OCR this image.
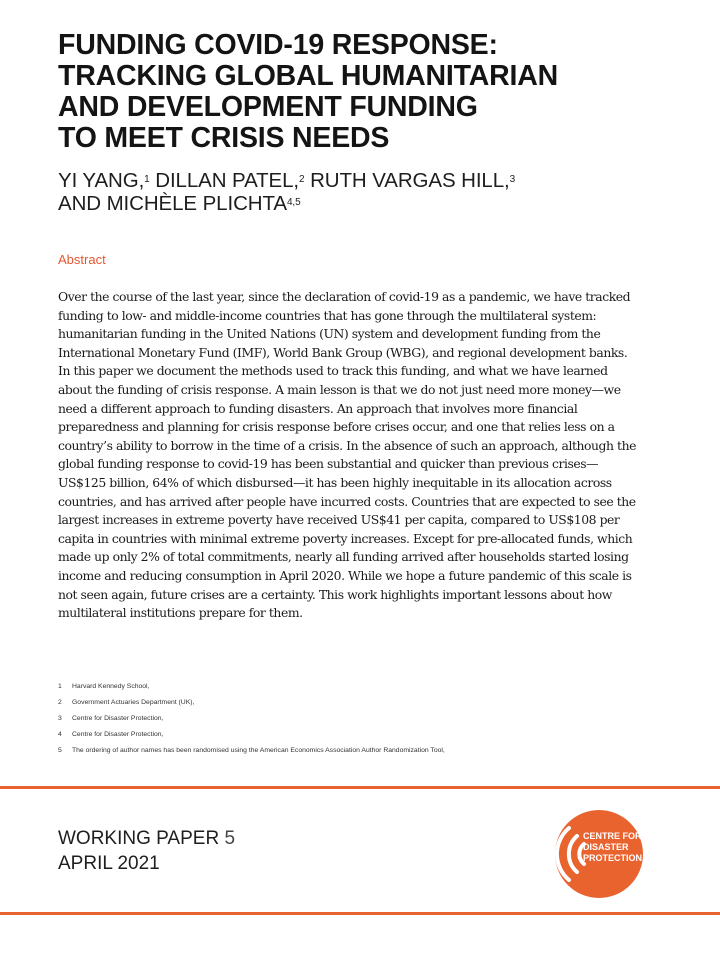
FUNDING COVID-19 RESPONSE:
TRACKING GLOBAL HUMANITARIAN
AND DEVELOPMENT FUNDING
TO MEET CRISIS NEEDS
YI YANG,$^1$ DILLAN PATEL,$^2$ RUTH VARGAS HILL,$^3$
AND MICHÈLE PLICHTA$^{4,5}$
Abstract

Over the course of the last year, since the declaration of covid-19 as a pandemic, we have tracked
funding to low- and middle-income countries that has gone through the multilateral system:
humanitarian funding in the United Nations (UN) system and development funding from the
International Monetary Fund (IMF), World Bank Group (WBG), and regional development banks.
In this paper we document the methods used to track this funding, and what we have learned
about the funding of crisis response. A main lesson is that we do not just need more money—we
need a different approach to funding disasters. An approach that involves more financial
preparedness and planning for crisis response before crises occur, and one that relies less on a
country’s ability to borrow in the time of a crisis. In the absence of such an approach, although the
global funding response to covid-19 has been substantial and quicker than previous crises—
US$125 billion, 64% of which disbursed—it has been highly inequitable in its allocation across
countries, and has arrived after people have incurred costs. Countries that are expected to see the
largest increases in extreme poverty have received US$41 per capita, compared to US$108 per
capita in countries with minimal extreme poverty increases. Except for pre-allocated funds, which
made up only 2% of total commitments, nearly all funding arrived after households started losing
income and reducing consumption in April 2020. While we hope a future pandemic of this scale is
not seen again, future crises are a certainty. This work highlights important lessons about how
multilateral institutions prepare for them.

1 Harvard Kennedy School,
2 Government Actuaries Department (UK),
3 Centre for Disaster Protection,
4 Centre for Disaster Protection,
5 The ordering of author names has been randomised using the American Economics Association Author Randomization Tool,
WORKING PAPER 5
APRIL 2021
CENTRE FOR
DISASTER
PROTECTION
